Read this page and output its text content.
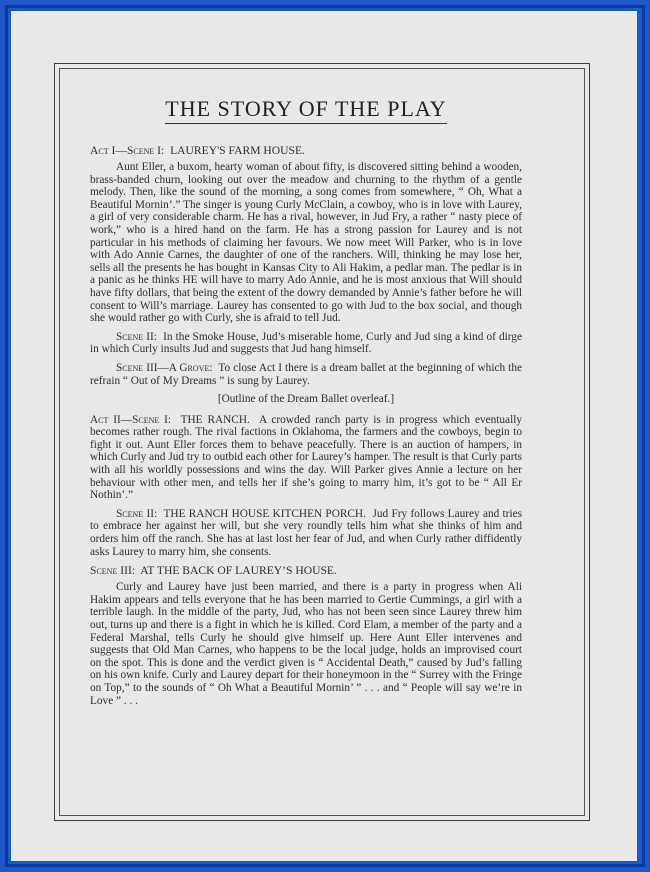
THE STORY OF THE PLAY
Act I—Scene I: LAUREY'S FARM HOUSE.

Aunt Eller, a buxom, hearty woman of about fifty, is discovered sitting behind a wooden, brass-banded churn, looking out over the meadow and churning to the rhythm of a gentle melody. Then, like the sound of the morning, a song comes from somewhere, “ Oh, What a Beautiful Mornin’.” The singer is young Curly McClain, a cowboy, who is in love with Laurey, a girl of very considerable charm. He has a rival, however, in Jud Fry, a rather “ nasty piece of work,” who is a hired hand on the farm. He has a strong passion for Laurey and is not particular in his methods of claiming her favours. We now meet Will Parker, who is in love with Ado Annie Carnes, the daughter of one of the ranchers. Will, thinking he may lose her, sells all the presents he has bought in Kansas City to Ali Hakim, a pedlar man. The pedlar is in a panic as he thinks HE will have to marry Ado Annie, and he is most anxious that Will should have fifty dollars, that being the extent of the dowry demanded by Annie’s father before he will consent to Will’s marriage. Laurey has consented to go with Jud to the box social, and though she would rather go with Curly, she is afraid to tell Jud.

Scene II: In the Smoke House, Jud’s miserable home, Curly and Jud sing a kind of dirge in which Curly insults Jud and suggests that Jud hang himself.

Scene III—A Grove: To close Act I there is a dream ballet at the beginning of which the refrain “ Out of My Dreams ” is sung by Laurey.

[Outline of the Dream Ballet overleaf.]

Act II—Scene I: THE RANCH. A crowded ranch party is in progress which eventually becomes rather rough. The rival factions in Oklahoma, the farmers and the cowboys, begin to fight it out. Aunt Eller forces them to behave peacefully. There is an auction of hampers, in which Curly and Jud try to outbid each other for Laurey’s hamper. The result is that Curly parts with all his worldly possessions and wins the day. Will Parker gives Annie a lecture on her behaviour with other men, and tells her if she’s going to marry him, it’s got to be “ All Er Nothin’.”

Scene II: THE RANCH HOUSE KITCHEN PORCH. Jud Fry follows Laurey and tries to embrace her against her will, but she very roundly tells him what she thinks of him and orders him off the ranch. She has at last lost her fear of Jud, and when Curly rather diffidently asks Laurey to marry him, she consents.

Scene III: AT THE BACK OF LAUREY’S HOUSE.

Curly and Laurey have just been married, and there is a party in progress when Ali Hakim appears and tells everyone that he has been married to Gertie Cummings, a girl with a terrible laugh. In the middle of the party, Jud, who has not been seen since Laurey threw him out, turns up and there is a fight in which he is killed. Cord Elam, a member of the party and a Federal Marshal, tells Curly he should give himself up. Here Aunt Eller intervenes and suggests that Old Man Carnes, who happens to be the local judge, holds an improvised court on the spot. This is done and the verdict given is “ Accidental Death,” caused by Jud’s falling on his own knife. Curly and Laurey depart for their honeymoon in the “ Surrey with the Fringe on Top,” to the sounds of “ Oh What a Beautiful Mornin’ ” . . . and “ People will say we’re in Love ” . . .
